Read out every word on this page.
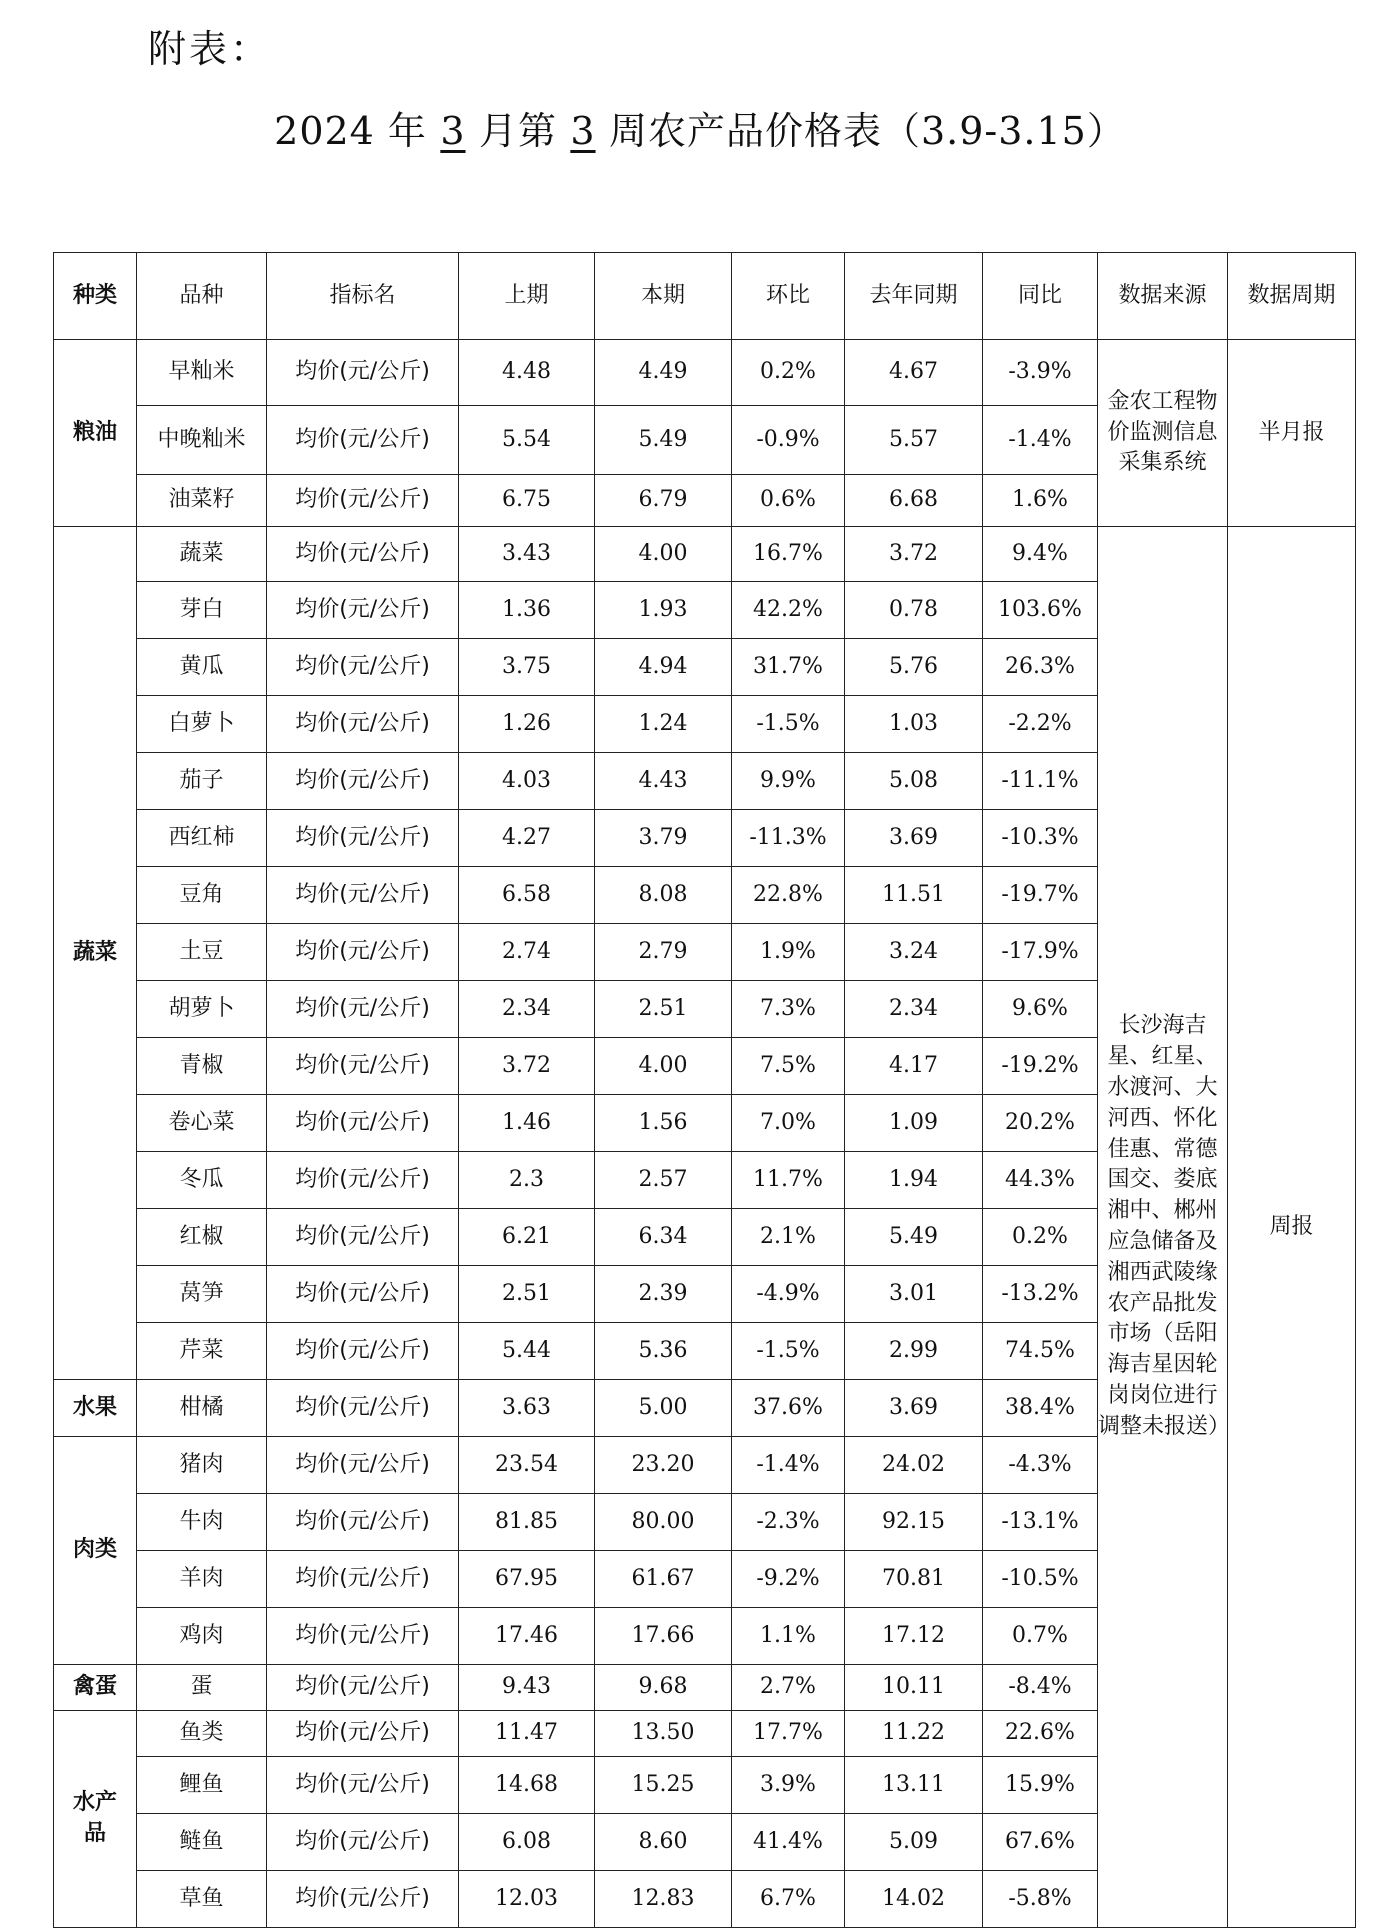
附表：
2024 年 3 月第 3 周农产品价格表（3.9-3.15）
种类	品种	指标名	上期	本期	环比	去年同期	同比	数据来源	数据周期
粮油	早籼米	均价(元/公斤)	4.48	4.49	0.2%	4.67	-3.9%	金农工程物价监测信息采集系统	半月报
	中晚籼米	均价(元/公斤)	5.54	5.49	-0.9%	5.57	-1.4%		
	油菜籽	均价(元/公斤)	6.75	6.79	0.6%	6.68	1.6%		
蔬菜	蔬菜	均价(元/公斤)	3.43	4.00	16.7%	3.72	9.4%	长沙海吉星、红星、水渡河、大河西、怀化佳惠、常德国交、娄底湘中、郴州应急储备及湘西武陵缘农产品批发市场（岳阳海吉星因轮岗岗位进行调整未报送）	周报
	芽白	均价(元/公斤)	1.36	1.93	42.2%	0.78	103.6%		
	黄瓜	均价(元/公斤)	3.75	4.94	31.7%	5.76	26.3%		
	白萝卜	均价(元/公斤)	1.26	1.24	-1.5%	1.03	-2.2%		
	茄子	均价(元/公斤)	4.03	4.43	9.9%	5.08	-11.1%		
	西红柿	均价(元/公斤)	4.27	3.79	-11.3%	3.69	-10.3%		
	豆角	均价(元/公斤)	6.58	8.08	22.8%	11.51	-19.7%		
	土豆	均价(元/公斤)	2.74	2.79	1.9%	3.24	-17.9%		
	胡萝卜	均价(元/公斤)	2.34	2.51	7.3%	2.34	9.6%		
	青椒	均价(元/公斤)	3.72	4.00	7.5%	4.17	-19.2%		
	卷心菜	均价(元/公斤)	1.46	1.56	7.0%	1.09	20.2%		
	冬瓜	均价(元/公斤)	2.3	2.57	11.7%	1.94	44.3%		
	红椒	均价(元/公斤)	6.21	6.34	2.1%	5.49	0.2%		
	莴笋	均价(元/公斤)	2.51	2.39	-4.9%	3.01	-13.2%		
	芹菜	均价(元/公斤)	5.44	5.36	-1.5%	2.99	74.5%		
水果	柑橘	均价(元/公斤)	3.63	5.00	37.6%	3.69	38.4%		
肉类	猪肉	均价(元/公斤)	23.54	23.20	-1.4%	24.02	-4.3%		
	牛肉	均价(元/公斤)	81.85	80.00	-2.3%	92.15	-13.1%		
	羊肉	均价(元/公斤)	67.95	61.67	-9.2%	70.81	-10.5%		
	鸡肉	均价(元/公斤)	17.46	17.66	1.1%	17.12	0.7%		
禽蛋	蛋	均价(元/公斤)	9.43	9.68	2.7%	10.11	-8.4%		
水产
品	鱼类	均价(元/公斤)	11.47	13.50	17.7%	11.22	22.6%		
	鲤鱼	均价(元/公斤)	14.68	15.25	3.9%	13.11	15.9%		
	鲢鱼	均价(元/公斤)	6.08	8.60	41.4%	5.09	67.6%		
	草鱼	均价(元/公斤)	12.03	12.83	6.7%	14.02	-5.8%		
